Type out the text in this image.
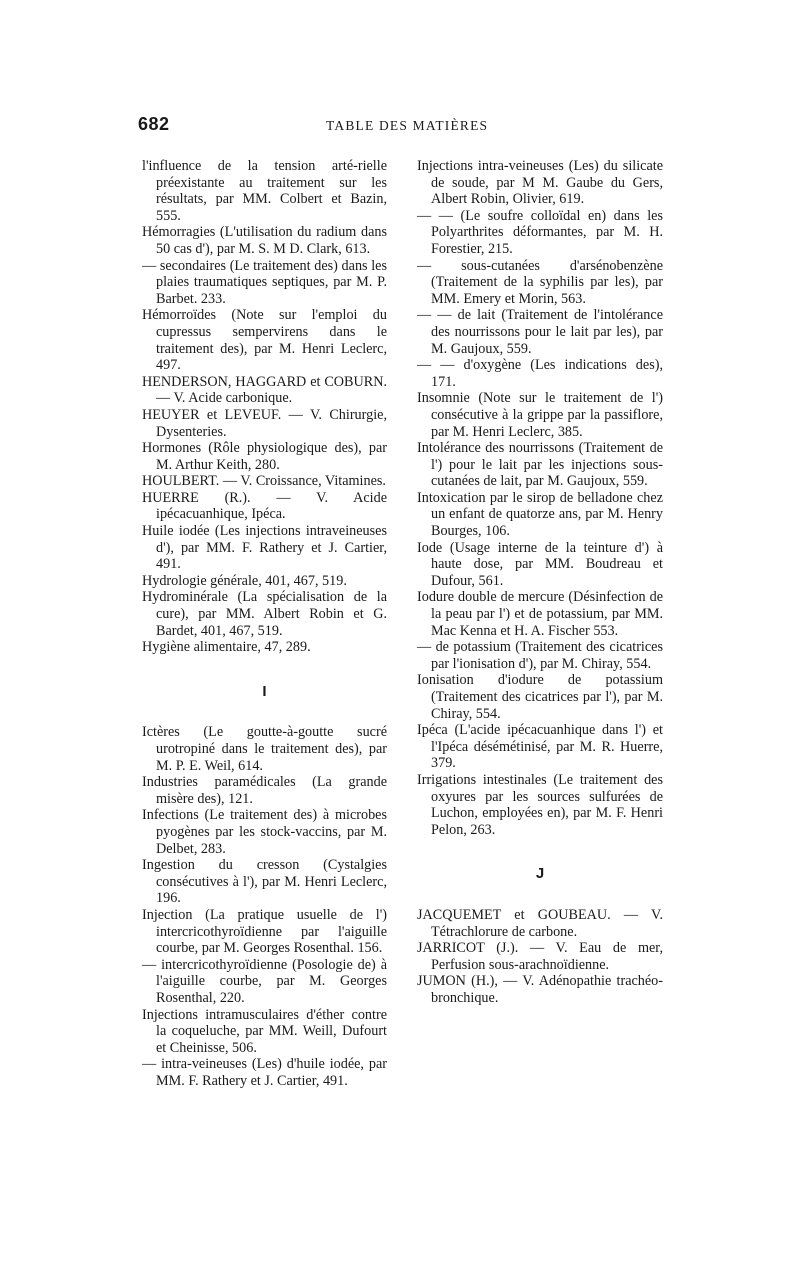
682	TABLE DES MATIÈRES

l'influence de la tension arté-rielle préexistante au traitement sur les résultats, par MM. Colbert et Bazin, 555.

Hémorragies (L'utilisation du radium dans 50 cas d'), par M. S. M D. Clark, 613.

— secondaires (Le traitement des) dans les plaies traumatiques septiques, par M. P. Barbet. 233.

Hémorroïdes (Note sur l'emploi du cupressus sempervirens dans le traitement des), par M. Henri Leclerc, 497.

HENDERSON, HAGGARD et COBURN.— V. Acide carbonique.

HEUYER et LEVEUF. — V. Chirurgie, Dysenteries.

Hormones (Rôle physiologique des), par M. Arthur Keith, 280.

HOULBERT. — V. Croissance, Vitamines.

HUERRE (R.). — V. Acide ipécacuanhique, Ipéca.

Huile iodée (Les injections intraveineuses d'), par MM. F. Rathery et J. Cartier, 491.

Hydrologie générale, 401, 467, 519.

Hydrominérale (La spécialisation de la cure), par MM. Albert Robin et G. Bardet, 401, 467, 519.

Hygiène alimentaire, 47, 289.

I

Ictères (Le goutte-à-goutte sucré urotropiné dans le traitement des), par M. P. E. Weil, 614.

Industries paramédicales (La grande misère des), 121.

Infections (Le traitement des) à microbes pyogènes par les stock-vaccins, par M. Delbet, 283.

Ingestion du cresson (Cystalgies consécutives à l'), par M. Henri Leclerc, 196.

Injection (La pratique usuelle de l') intercricothyroïdienne par l'aiguille courbe, par M. Georges Rosenthal. 156.

— intercricothyroïdienne (Posologie de) à l'aiguille courbe, par M. Georges Rosenthal, 220.

Injections intramusculaires d'éther contre la coqueluche, par MM. Weill, Dufourt et Cheinisse, 506.

— intra-veineuses (Les) d'huile iodée, par MM. F. Rathery et J. Cartier, 491.

Injections intra-veineuses (Les) du silicate de soude, par M M. Gaube du Gers, Albert Robin, Olivier, 619.

— — (Le soufre colloïdal en) dans les Polyarthrites déformantes, par M. H. Forestier, 215.

— sous-cutanées d'arsénobenzène (Traitement de la syphilis par les), par MM. Emery et Morin, 563.

— — de lait (Traitement de l'intolérance des nourrissons pour le lait par les), par M. Gaujoux, 559.

— — d'oxygène (Les indications des), 171.

Insomnie (Note sur le traitement de l') consécutive à la grippe par la passiflore, par M. Henri Leclerc, 385.

Intolérance des nourrissons (Traitement de l') pour le lait par les injections sous-cutanées de lait, par M. Gaujoux, 559.

Intoxication par le sirop de belladone chez un enfant de quatorze ans, par M. Henry Bourges, 106.

Iode (Usage interne de la teinture d') à haute dose, par MM. Boudreau et Dufour, 561.

Iodure double de mercure (Désinfection de la peau par l') et de potassium, par MM. Mac Kenna et H. A. Fischer 553.

— de potassium (Traitement des cicatrices par l'ionisation d'), par M. Chiray, 554.

Ionisation d'iodure de potassium (Traitement des cicatrices par l'), par M. Chiray, 554.

Ipéca (L'acide ipécacuanhique dans l') et l'Ipéca désémétinisé, par M. R. Huerre, 379.

Irrigations intestinales (Le traitement des oxyures par les sources sulfurées de Luchon, employées en), par M. F. Henri Pelon, 263.

J

JACQUEMET et GOUBEAU. — V. Tétrachlorure de carbone.

JARRICOT (J.). — V. Eau de mer, Perfusion sous-arachnoïdienne.

JUMON (H.), — V. Adénopathie trachéo-bronchique.
